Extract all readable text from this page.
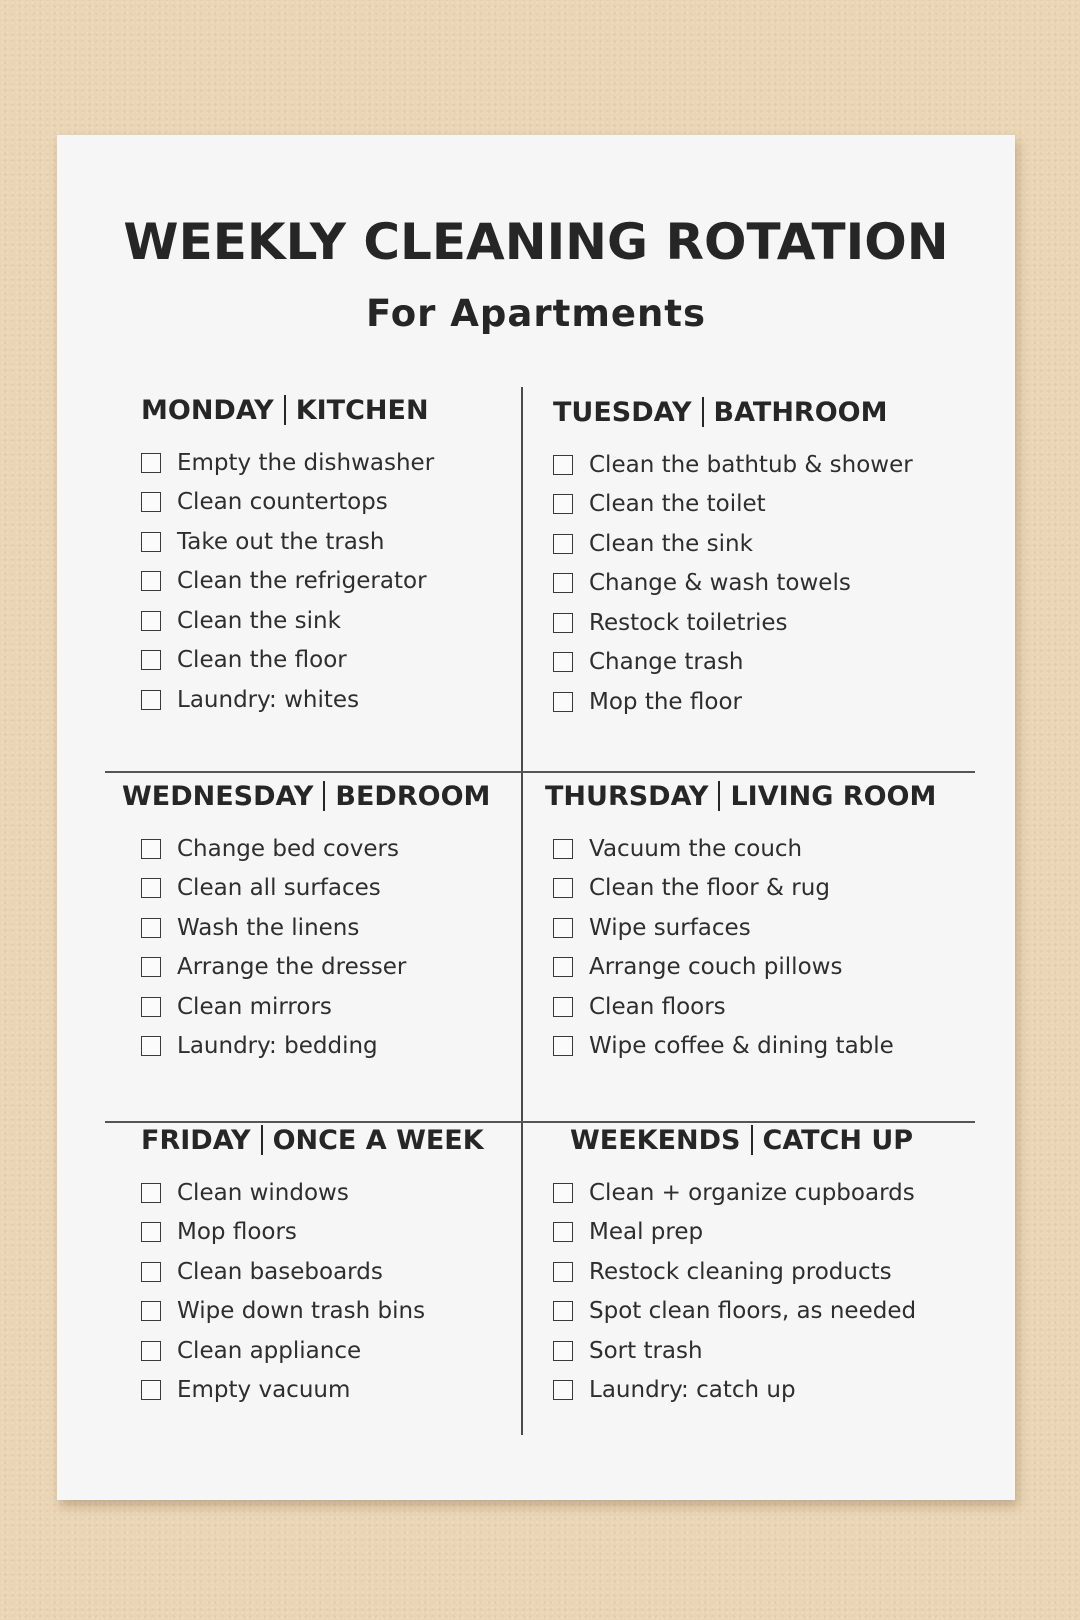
WEEKLY CLEANING ROTATION
For Apartments
MONDAY KITCHEN
Empty the dishwasher
Clean countertops
Take out the trash
Clean the refrigerator
Clean the sink
Clean the floor
Laundry: whites
TUESDAY BATHROOM
Clean the bathtub & shower
Clean the toilet
Clean the sink
Change & wash towels
Restock toiletries
Change trash
Mop the floor
WEDNESDAY BEDROOM
Change bed covers
Clean all surfaces
Wash the linens
Arrange the dresser
Clean mirrors
Laundry: bedding
THURSDAY LIVING ROOM
Vacuum the couch
Clean the floor & rug
Wipe surfaces
Arrange couch pillows
Clean floors
Wipe coffee & dining table
FRIDAY ONCE A WEEK
Clean windows
Mop floors
Clean baseboards
Wipe down trash bins
Clean appliance
Empty vacuum
WEEKENDS CATCH UP
Clean + organize cupboards
Meal prep
Restock cleaning products
Spot clean floors, as needed
Sort trash
Laundry: catch up
